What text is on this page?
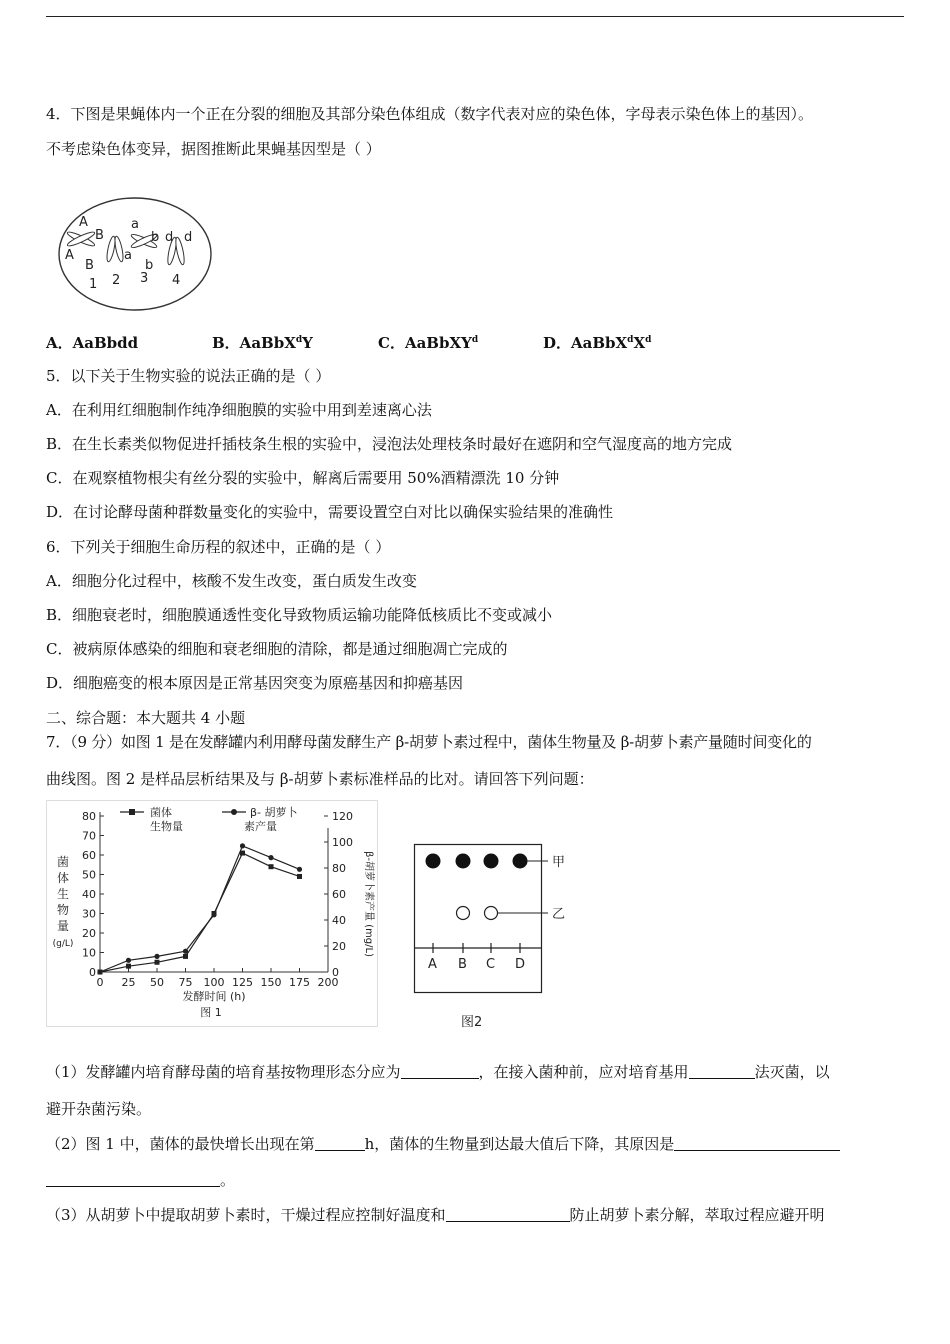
4．下图是果蝇体内一个正在分裂的细胞及其部分染色体组成（数字代表对应的染色体，字母表示染色体上的基因）。
不考虑染色体变异，据图推断此果蝇基因型是（ ）
A
B
a
b d d
A
B
a
b
1 2 3 4
A．AaBbdd	B．AaBbX$^d$Y	C．AaBbXY$^d$	D．$AaBbX^dX^d$
5．以下关于生物实验的说法正确的是（ ）
A．在利用红细胞制作纯净细胞膜的实验中用到差速离心法
B．在生长素类似物促进扦插枝条生根的实验中，浸泡法处理枝条时最好在遮阴和空气湿度高的地方完成
C．在观察植物根尖有丝分裂的实验中，解离后需要用 50%酒精漂洗 10 分钟
D．在讨论酵母菌种群数量变化的实验中，需要设置空白对比以确保实验结果的准确性
6．下列关于细胞生命历程的叙述中，正确的是（ ）
A．细胞分化过程中，核酸不发生改变，蛋白质发生改变
B．细胞衰老时，细胞膜通透性变化导致物质运输功能降低核质比不变或减小
C．被病原体感染的细胞和衰老细胞的清除，都是通过细胞凋亡完成的
D．细胞癌变的根本原因是正常基因突变为原癌基因和抑癌基因
二、综合题：本大题共 4 小题
7．（9 分）如图 1 是在发酵罐内利用酵母菌发酵生产 β-胡萝卜素过程中，菌体生物量及 β-胡萝卜素产量随时间变化的
曲线图。图 2 是样品层析结果及与 β-胡萝卜素标准样品的比对。请回答下列问题：
0
10
20
30
40
50
60
70
80
0
20
40
60
80
100
120
0 25 50 75 100 125 150 175 200
菌
体
生
物
量
(g/L)	β-胡萝卜素产量 (mg/L)
发酵时间 (h)
图 1
菌体
生物量
β- 胡萝卜
素产量
甲
乙
A B C D
图2
（1）发酵罐内培育酵母菌的培育基按物理形态分应为	，在接入菌种前，应对培育基用	法灭菌，以
避开杂菌污染。
（2）图 1 中，菌体的最快增长出现在第	h，菌体的生物量到达最大值后下降，其原因是
。
（3）从胡萝卜中提取胡萝卜素时，干燥过程应控制好温度和	防止胡萝卜素分解，萃取过程应避开明
